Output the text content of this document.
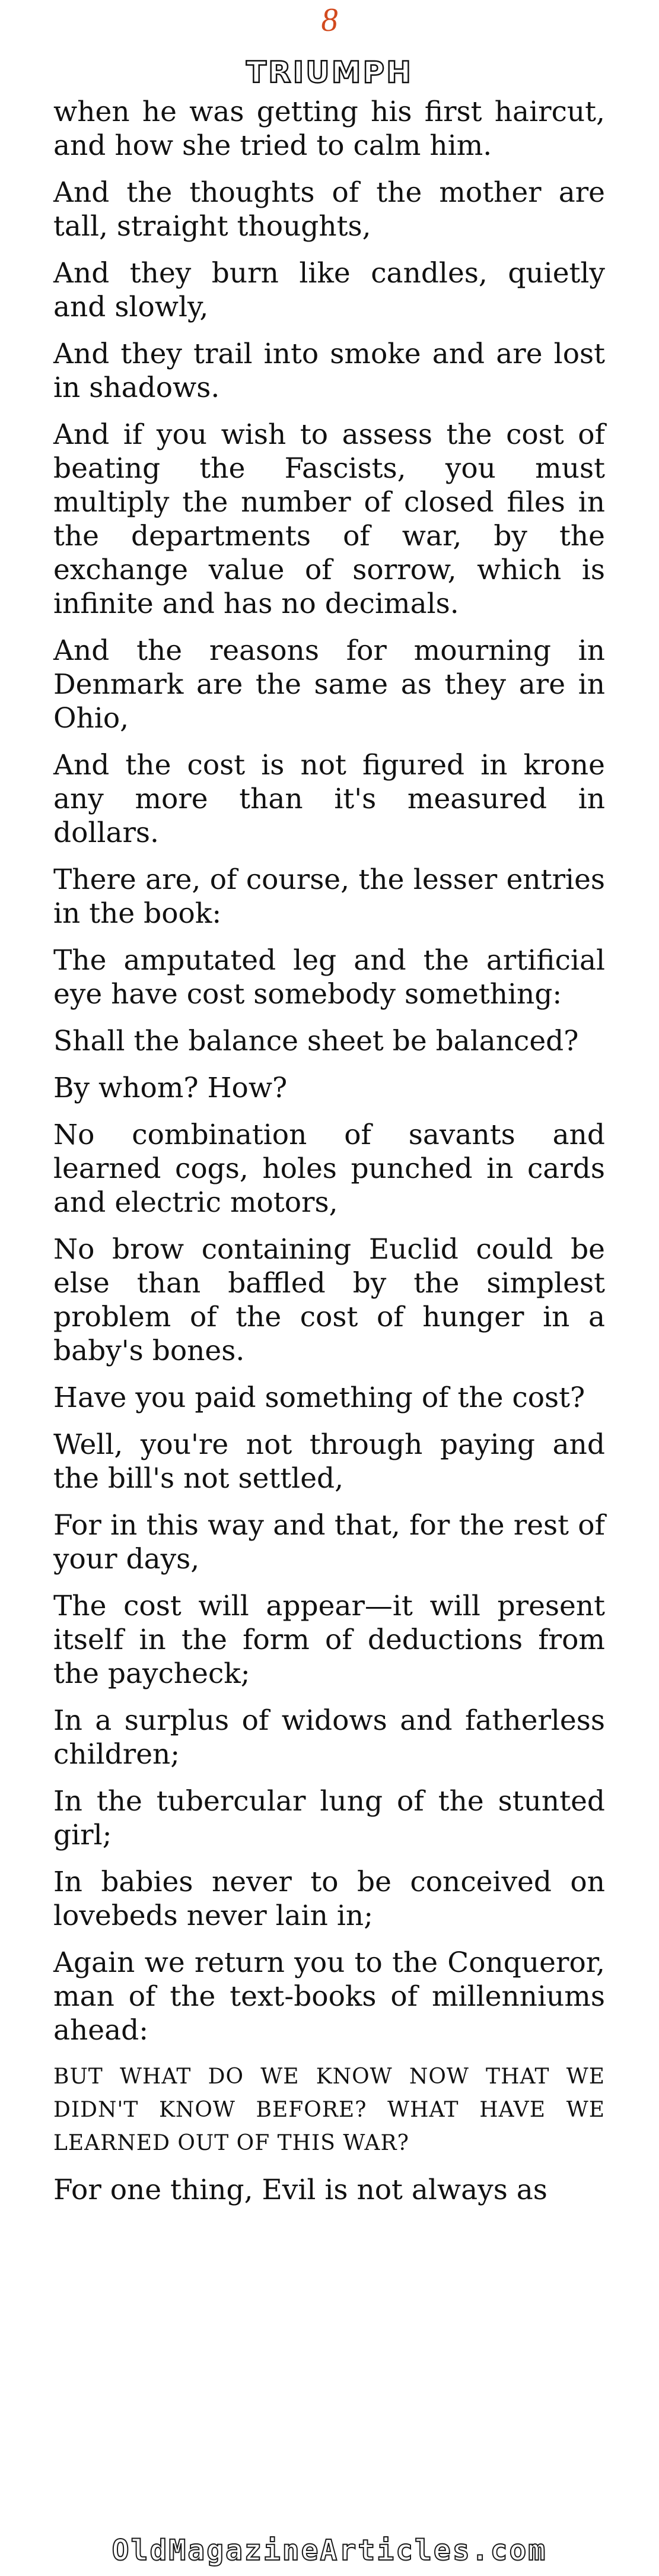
8
TRIUMPH

when he was getting his first haircut, and how she tried to calm him.

And the thoughts of the mother are tall, straight thoughts,

And they burn like candles, quietly and slowly,

And they trail into smoke and are lost in shadows.

And if you wish to assess the cost of beating the Fascists, you must multiply the number of closed files in the departments of war, by the exchange value of sorrow, which is infinite and has no decimals.

And the reasons for mourning in Denmark are the same as they are in Ohio,

And the cost is not figured in krone any more than it's measured in dollars.

There are, of course, the lesser entries in the book:

The amputated leg and the artificial eye have cost somebody something:

Shall the balance sheet be balanced?

By whom? How?

No combination of savants and learned cogs, holes punched in cards and electric motors,

No brow containing Euclid could be else than baffled by the simplest problem of the cost of hunger in a baby's bones.

Have you paid something of the cost?

Well, you're not through paying and the bill's not settled,

For in this way and that, for the rest of your days,

The cost will appear—it will present itself in the form of deductions from the paycheck;

In a surplus of widows and fatherless children;

In the tubercular lung of the stunted girl;

In babies never to be conceived on lovebeds never lain in;

Again we return you to the Conqueror, man of the text-books of millenniums ahead:

BUT WHAT DO WE KNOW NOW THAT WE DIDN'T KNOW BEFORE? WHAT HAVE WE LEARNED OUT OF THIS WAR?

For one thing, Evil is not always as

OldMagazineArticles.com
